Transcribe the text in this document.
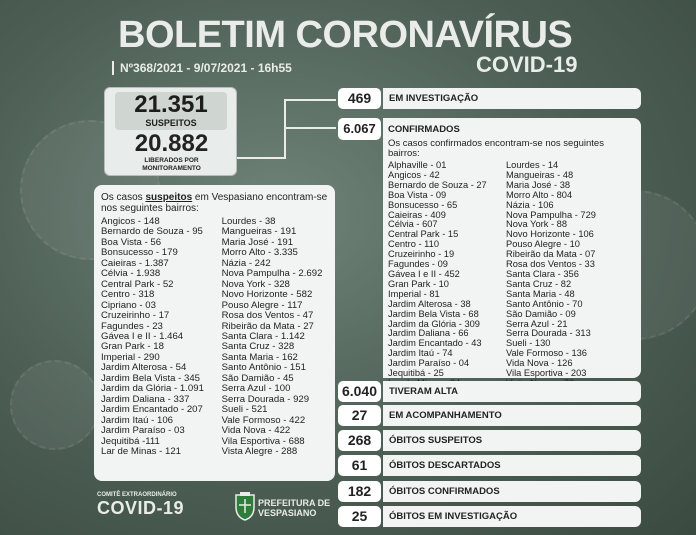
BOLETIM CORONAVÍRUS
COVID-19
Nº368/2021 - 9/07/2021 - 16h55
21.351
SUSPEITOS
20.882
LIBERADOS POR
MONITORAMENTO
Os casos suspeitos em Vespasiano encontram-se nos seguintes bairros:
Angicos - 148
Bernardo de Souza - 95
Boa Vista - 56
Bonsucesso - 179
Caieiras - 1.387
Célvia - 1.938
Central Park - 52
Centro - 318
Cipriano - 03
Cruzeirinho - 17
Fagundes - 23
Gávea I e II - 1.464
Gran Park - 18
Imperial - 290
Jardim Alterosa - 54
Jardim Bela Vista - 345
Jardim da Glória - 1.091
Jardim Daliana - 337
Jardim Encantado - 207
Jardim Itaú - 106
Jardim Paraíso - 03
Jequitibá -111
Lar de Minas - 121
Lourdes - 38
Mangueiras - 191
Maria José - 191
Morro Alto - 3.335
Názia - 242
Nova Pampulha - 2.692
Nova York - 328
Novo Horizonte - 582
Pouso Alegre - 117
Rosa dos Ventos - 47
Ribeirão da Mata - 27
Santa Clara - 1.142
Santa Cruz - 328
Santa Maria - 162
Santo Antônio - 151
São Damião - 45
Serra Azul - 100
Serra Dourada - 929
Sueli - 521
Vale Formoso - 422
Vida Nova - 422
Vila Esportiva - 688
Vista Alegre - 288
469	EM INVESTIGAÇÃO
6.067	CONFIRMADOS
Os casos confirmados encontram-se nos seguintes bairros:
Alphaville - 01
Angicos - 42
Bernardo de Souza - 27
Boa Vista - 09
Bonsucesso - 65
Caieiras - 409
Célvia - 607
Central Park - 15
Centro - 110
Cruzeirinho - 19
Fagundes - 09
Gávea I e II - 452
Gran Park - 10
Imperial - 81
Jardim Alterosa - 38
Jardim Bela Vista - 68
Jardim da Glória - 309
Jardim Daliana - 66
Jardim Encantado - 43
Jardim Itaú - 74
Jardim Paraíso - 04
Jequitibá - 25
Lourdes - 14
Mangueiras - 48
Maria José - 38
Morro Alto - 804
Názia - 106
Nova Pampulha - 729
Nova York - 88
Novo Horizonte - 106
Pouso Alegre - 10
Ribeirão da Mata - 07
Rosa dos Ventos - 33
Santa Clara - 356
Santa Cruz - 82
Santa Maria - 48
Santo Antônio - 70
São Damião - 09
Serra Azul - 21
Serra Dourada - 313
Sueli - 130
Vale Formoso - 136
Vida Nova - 126
Vila Esportiva - 203
6.040	TIVERAM ALTA
27	EM ACOMPANHAMENTO
268	ÓBITOS SUSPEITOS
61	ÓBITOS DESCARTADOS
182	ÓBITOS CONFIRMADOS
25	ÓBITOS EM INVESTIGAÇÃO
COMITÊ EXTRAORDINÁRIO
COVID-19	PREFEITURA DE
VESPASIANO
